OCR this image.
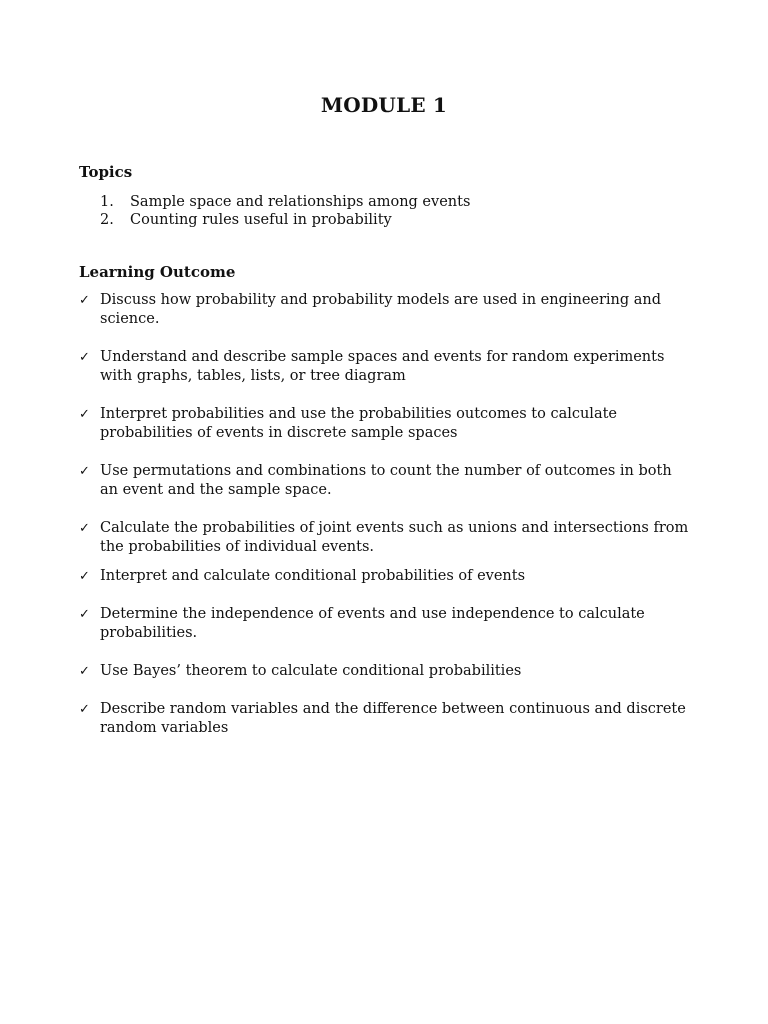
MODULE 1
Topics
1. Sample space and relationships among events
2. Counting rules useful in probability
Learning Outcome
✓ Discuss how probability and probability models are used in engineering and science.
✓ Understand and describe sample spaces and events for random experiments with graphs, tables, lists, or tree diagram
✓ Interpret probabilities and use the probabilities outcomes to calculate probabilities of events in discrete sample spaces
✓ Use permutations and combinations to count the number of outcomes in both an event and the sample space.
✓ Calculate the probabilities of joint events such as unions and intersections from the probabilities of individual events.
✓ Interpret and calculate conditional probabilities of events
✓ Determine the independence of events and use independence to calculate probabilities.
✓ Use Bayes’ theorem to calculate conditional probabilities
✓ Describe random variables and the difference between continuous and discrete random variables
